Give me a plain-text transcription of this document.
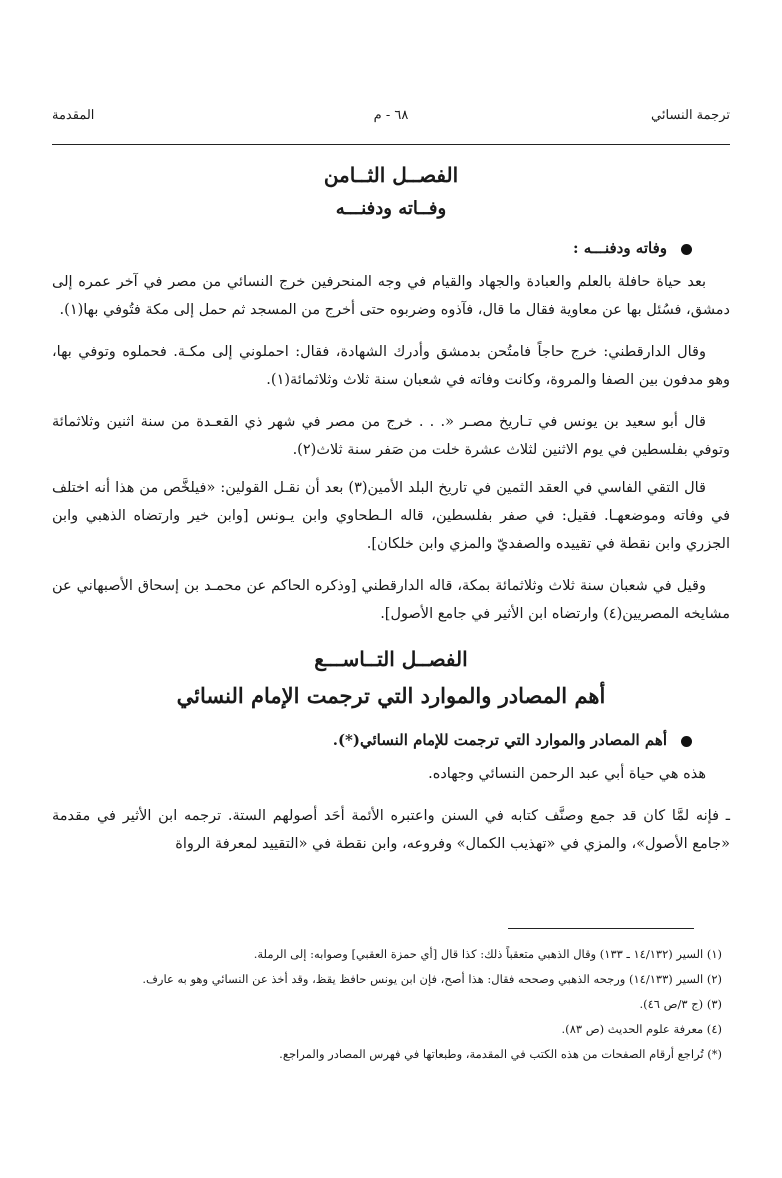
ترجمة النسائي
٦٨ - م
المقدمة
الفصــل الثــامن
وفــاته ودفنـــه
وفاته ودفنـــه :

بعد حياة حافلة بالعلم والعبادة والجهاد والقيام في وجه المنحرفين خرج النسائي من مصر في آخر عمره إلى دمشق، فسُئل بها عن معاوية فقال ما قال، فآذوه وضربوه حتى أخرج من المسجد ثم حمل إلى مكة فتُوفي بها(١).

وقال الدارقطني: خرج حاجاً فامتُحن بدمشق وأدرك الشهادة، فقال: احملوني إلى مكـة. فحملوه وتوفي بها، وهو مدفون بين الصفا والمروة، وكانت وفاته في شعبان سنة ثلاث وثلاثمائة(١).

قال أبو سعيد بن يونس في تـاريخ مصـر «. . . خرج من مصر في شهر ذي القعـدة من سنة اثنين وثلاثمائة وتوفي بفلسطين في يوم الاثنين لثلاث عشرة خلت من صَفر سنة ثلاث(٢).

قال التقي الفاسي في العقد الثمين في تاريخ البلد الأمين(٣) بعد أن نقـل القولين: «فيلخَّص من هذا أنه اختلف في وفاته وموضعهـا. فقيل: في صفر بفلسطين، قاله الـطحاوي وابن يـونس [وابن خير وارتضاه الذهبي وابن الجزري وابن نقطة في تقييده والصفديّ والمزي وابن خلكان].

وقيل في شعبان سنة ثلاث وثلاثمائة بمكة، قاله الدارقطني [وذكره الحاكم عن محمـد بن إسحاق الأصبهاني عن مشايخه المصريين(٤) وارتضاه ابن الأثير في جامع الأصول].

الفصــل التــاســـع
أهم المصادر والموارد التي ترجمت الإمام النسائي
أهم المصادر والموارد التي ترجمت للإمام النسائي(*).

هذه هي حياة أبي عبد الرحمن النسائي وجهاده.

ـ فإنه لمَّا كان قد جمع وصنَّف كتابه في السنن واعتبره الأئمة أحَد أصولهم الستة. ترجمه ابن الأثير في مقدمة «جامع الأصول»، والمزي في «تهذيب الكمال» وفروعه، وابن نقطة في «التقييد لمعرفة الرواة

(١) السير (١٤/١٣٢ ـ ١٣٣) وقال الذهبي متعقباً ذلك: كذا قال [أي حمزة العقبي] وصوابه: إلى الرملة.
(٢) السير (١٤/١٣٣) ورجحه الذهبي وصححه فقال: هذا أصح، فإن ابن يونس حافظ يقظ، وقد أخذ عن النسائي وهو به عارف.
(٣) (ج ٣/ص ٤٦).
(٤) معرفة علوم الحديث (ص ٨٣).
(*) تُراجع أرقام الصفحات من هذه الكتب في المقدمة، وطبعاتها في فهرس المصادر والمراجع.
